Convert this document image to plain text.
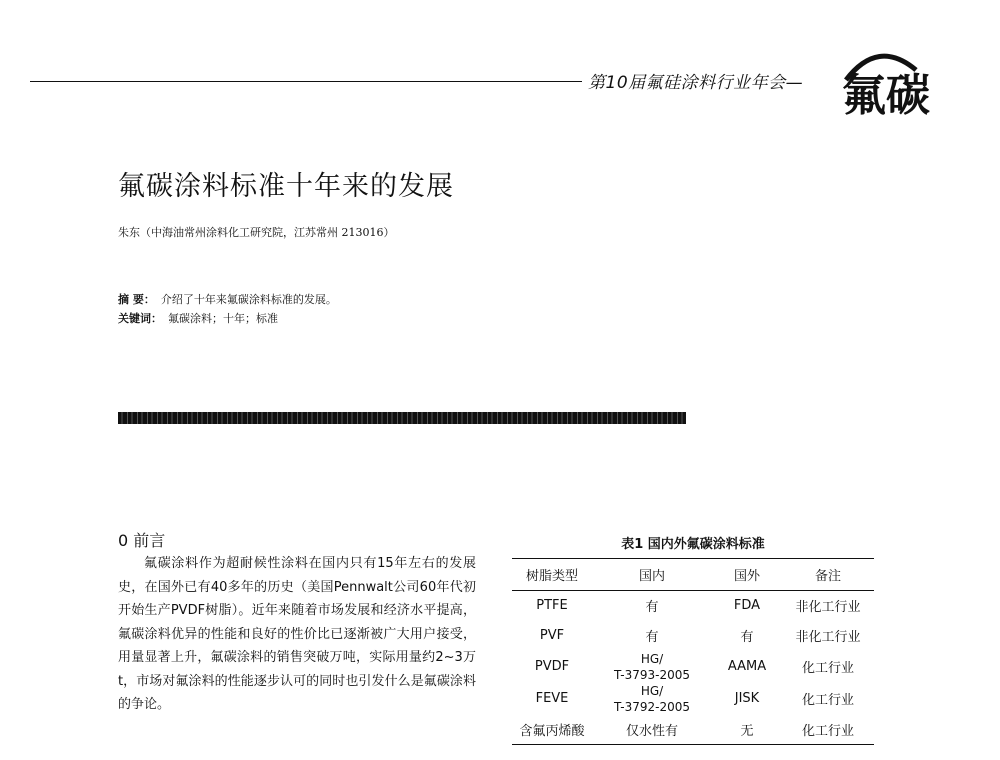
第10届氟硅涂料行业年会— 氟碳
氟碳涂料标准十年来的发展
朱东（中海油常州涂料化工研究院，江苏常州 213016）
摘 要： 介绍了十年来氟碳涂料标准的发展。
关键词： 氟碳涂料；十年；标准
0 前言
氟碳涂料作为超耐候性涂料在国内只有15年左右的发展史，在国外已有40多年的历史（美国Pennwalt公司60年代初开始生产PVDF树脂）。近年来随着市场发展和经济水平提高，氟碳涂料优异的性能和良好的性价比已逐渐被广大用户接受，用量显著上升，氟碳涂料的销售突破万吨，实际用量约2~3万t，市场对氟涂料的性能逐步认可的同时也引发什么是氟碳涂料的争论。
表1 国内外氟碳涂料标准
树脂类型	国内	国外	备注
PTFE	有	FDA	非化工行业
PVF	有	有	非化工行业
PVDF	HG/
T-3793-2005	AAMA	化工行业
FEVE	HG/
T-3792-2005	JISK	化工行业
含氟丙烯酸	仅水性有	无	化工行业
